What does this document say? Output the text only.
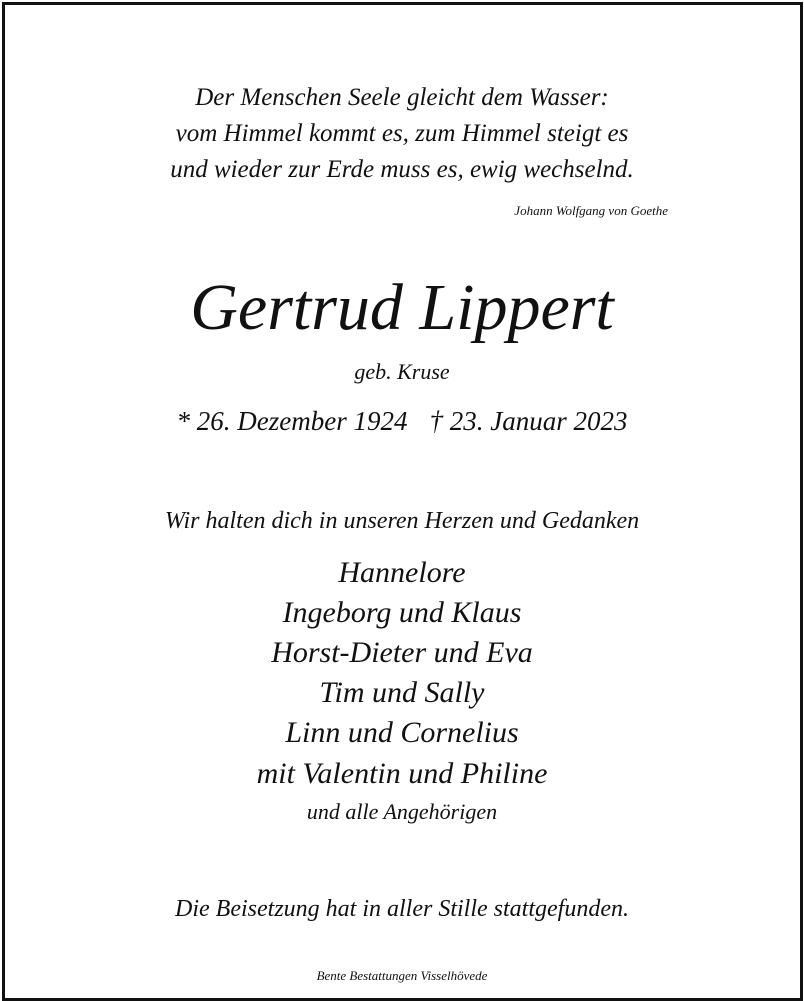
Der Menschen Seele gleicht dem Wasser:
vom Himmel kommt es, zum Himmel steigt es
und wieder zur Erde muss es, ewig wechselnd.
Johann Wolfgang von Goethe
Gertrud Lippert
geb. Kruse
* 26. Dezember 1924 † 23. Januar 2023
Wir halten dich in unseren Herzen und Gedanken
Hannelore
Ingeborg und Klaus
Horst-Dieter und Eva
Tim und Sally
Linn und Cornelius
mit Valentin und Philine
und alle Angehörigen
Die Beisetzung hat in aller Stille stattgefunden.
Bente Bestattungen Visselhövede
